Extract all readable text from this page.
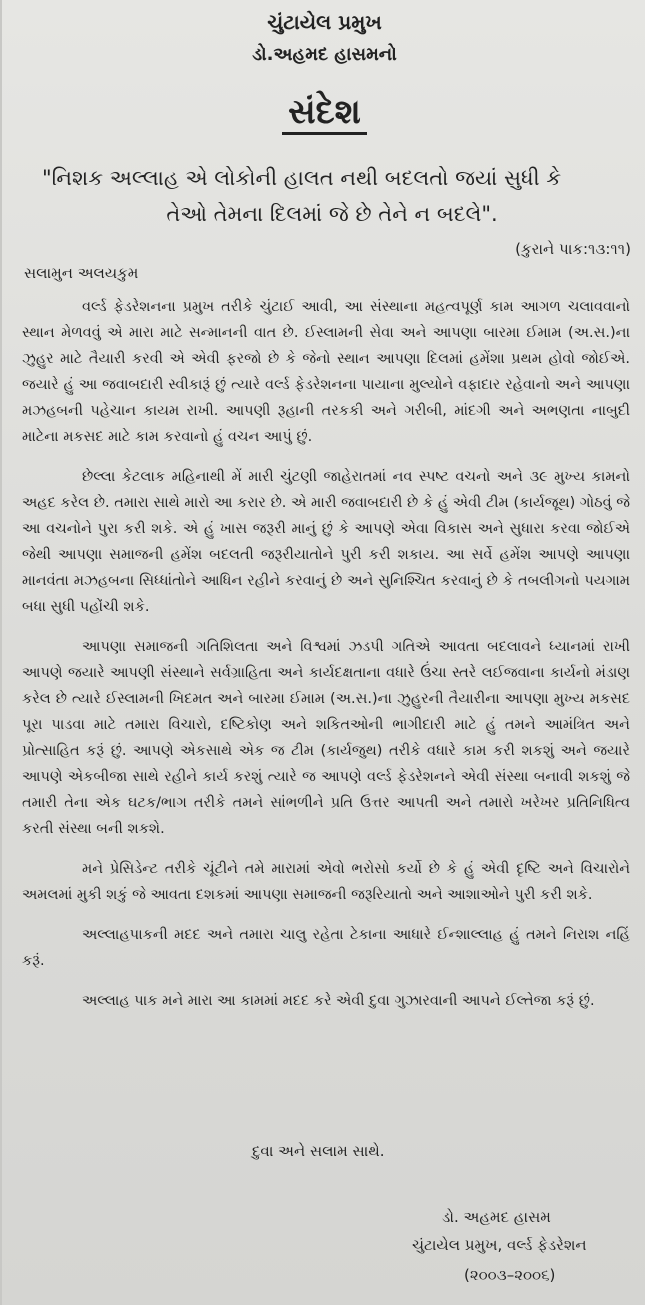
ચુંટાયેલ પ્રમુખ
ડો.અહમદ હાસમનો
સંદેશ
"નિશક અલ્લાહ એ લોકોની હાલત નથી બદલતો જયાં સુધી કે
તેઓ તેમના દિલમાં જે છે તેને ન બદલે".
(કુરાને પાક:૧૩:૧૧)
સલામુન અલયકુમ

વર્લ્ડ ફેડરેશનના પ્રમુખ તરીકે ચુંટાઈ આવી, આ સંસ્થાના મહત્વપૂર્ણ કામ આગળ ચલાવવાનો સ્થાન મેળવવું એ મારા માટે સન્માનની વાત છે. ઈસ્લામની સેવા અને આપણા બારમા ઈમામ (અ.સ.)ના ઝુહુર માટે તૈયારી કરવી એ એવી ફરજો છે કે જેનો સ્થાન આપણા દિલમાં હમેંશા પ્રથમ હોવો જોઈએ. જયારે હું આ જવાબદારી સ્વીકારૂં છું ત્યારે વર્લ્ડ ફેડરેશનના પાયાના મુલ્યોને વફાદાર રહેવાનો અને આપણા મઝહબની પહેચાન કાયમ રાખી. આપણી રૂહાની તરકકી અને ગરીબી, માંદગી અને અભણતા નાબુદી માટેના મકસદ માટે કામ કરવાનો હું વચન આપું છું.

છેલ્લા કેટલાક મહિનાથી મેં મારી ચુંટણી જાહેરાતમાં નવ સ્પષ્ટ વચનો અને ૩૯ મુખ્ય કામનો અહદ કરેલ છે. તમારા સાથે મારો આ કરાર છે. એ મારી જવાબદારી છે કે હું એવી ટીમ (કાર્યજૂથ) ગોઠવું જે આ વચનોને પુરા કરી શકે. એ હું ખાસ જરૂરી માનું છું કે આપણે એવા વિકાસ અને સુધારા કરવા જોઈએ જેથી આપણા સમાજની હમેંશ બદલતી જરૂરીયાતોને પુરી કરી શકાય. આ સર્વે હમેંશ આપણે આપણા માનવંતા મઝહબના સિધ્ધાંતોને આધિન રહીને કરવાનું છે અને સુનિશ્ચિત કરવાનું છે કે તબલીગનો પયગામ બધા સુધી પહોંચી શકે.

આપણા સમાજની ગતિશિલતા અને વિશ્વમાં ઝડપી ગતિએ આવતા બદલાવને ધ્યાનમાં રાખી આપણે જયારે આપણી સંસ્થાને સર્વગ્રાહિતા અને કાર્યદક્ષતાના વધારે ઉંચા સ્તરે લઈજવાના કાર્યનો મંડાણ કરેલ છે ત્યારે ઈસ્લામની ખિદમત અને બારમા ઈમામ (અ.સ.)ના ઝુહુરની તૈયારીના આપણા મુખ્ય મકસદ પૂરા પાડવા માટે તમારા વિચારો, દષ્ટિકોણ અને શકિતઓની ભાગીદારી માટે હું તમને આમંત્રિત અને પ્રોત્સાહિત કરૂં છું. આપણે એકસાથે એક જ ટીમ (કાર્યજુથ) તરીકે વધારે કામ કરી શકશું અને જયારે આપણે એકબીજા સાથે રહીને કાર્ય કરશું ત્યારે જ આપણે વર્લ્ડ ફેડરેશનને એવી સંસ્થા બનાવી શકશું જે તમારી તેના એક ઘટક/ભાગ તરીકે તમને સાંભળીને પ્રતિ ઉત્તર આપતી અને તમારો ખરેખર પ્રતિનિધિત્વ કરતી સંસ્થા બની શકશે.

મને પ્રેસિડેન્ટ તરીકે ચૂંટીને તમે મારામાં એવો ભરોસો કર્યો છે કે હું એવી દૃષ્ટિ અને વિચારોને અમલમાં મુકી શકું જે આવતા દશકમાં આપણા સમાજની જરૂરિયાતો અને આશાઓને પુરી કરી શકે.

અલ્લાહપાકની મદદ અને તમારા ચાલુ રહેતા ટેકાના આધારે ઈન્શાલ્લાહ હું તમને નિરાશ નહિં કરૂં.

અલ્લાહ પાક મને મારા આ કામમાં મદદ કરે એવી દુવા ગુઝારવાની આપને ઈલ્તેજા કરૂં છું.

દુવા અને સલામ સાથે.
ડો. અહમદ હાસમ
ચુંટાયેલ પ્રમુખ, વર્લ્ડ ફેડરેશન
(૨૦૦૩–૨૦૦૬)
